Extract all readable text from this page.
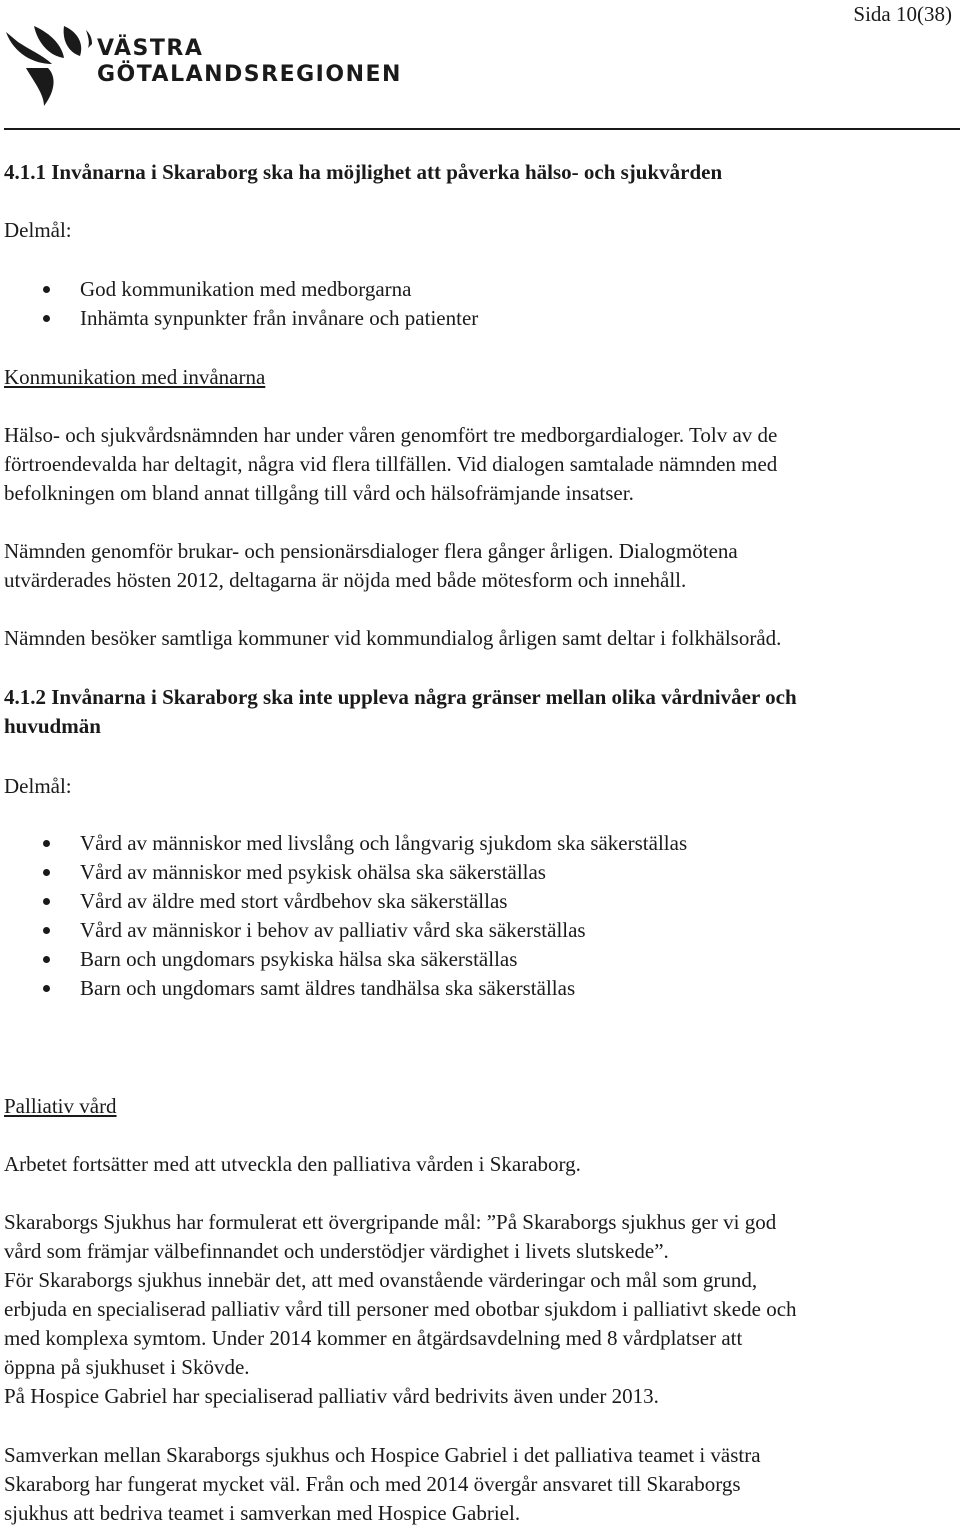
Sida 10(38)
VÄSTRA
GÖTALANDSREGIONEN
4.1.1 Invånarna i Skaraborg ska ha möjlighet att påverka hälso- och sjukvården
Delmål:
God kommunikation med medborgarna
Inhämta synpunkter från invånare och patienter
Konmunikation med invånarna
Hälso- och sjukvårdsnämnden har under våren genomfört tre medborgardialoger. Tolv av de
förtroendevalda har deltagit, några vid flera tillfällen. Vid dialogen samtalade nämnden med
befolkningen om bland annat tillgång till vård och hälsofrämjande insatser.
Nämnden genomför brukar- och pensionärsdialoger flera gånger årligen. Dialogmötena
utvärderades hösten 2012, deltagarna är nöjda med både mötesform och innehåll.
Nämnden besöker samtliga kommuner vid kommundialog årligen samt deltar i folkhälsoråd.
4.1.2 Invånarna i Skaraborg ska inte uppleva några gränser mellan olika vårdnivåer och
huvudmän
Delmål:
Vård av människor med livslång och långvarig sjukdom ska säkerställas
Vård av människor med psykisk ohälsa ska säkerställas
Vård av äldre med stort vårdbehov ska säkerställas
Vård av människor i behov av palliativ vård ska säkerställas
Barn och ungdomars psykiska hälsa ska säkerställas
Barn och ungdomars samt äldres tandhälsa ska säkerställas
Palliativ vård
Arbetet fortsätter med att utveckla den palliativa vården i Skaraborg.
Skaraborgs Sjukhus har formulerat ett övergripande mål: ”På Skaraborgs sjukhus ger vi god
vård som främjar välbefinnandet och understödjer värdighet i livets slutskede”.
För Skaraborgs sjukhus innebär det, att med ovanstående värderingar och mål som grund,
erbjuda en specialiserad palliativ vård till personer med obotbar sjukdom i palliativt skede och
med komplexa symtom. Under 2014 kommer en åtgärdsavdelning med 8 vårdplatser att
öppna på sjukhuset i Skövde.
På Hospice Gabriel har specialiserad palliativ vård bedrivits även under 2013.
Samverkan mellan Skaraborgs sjukhus och Hospice Gabriel i det palliativa teamet i västra
Skaraborg har fungerat mycket väl. Från och med 2014 övergår ansvaret till Skaraborgs
sjukhus att bedriva teamet i samverkan med Hospice Gabriel.
